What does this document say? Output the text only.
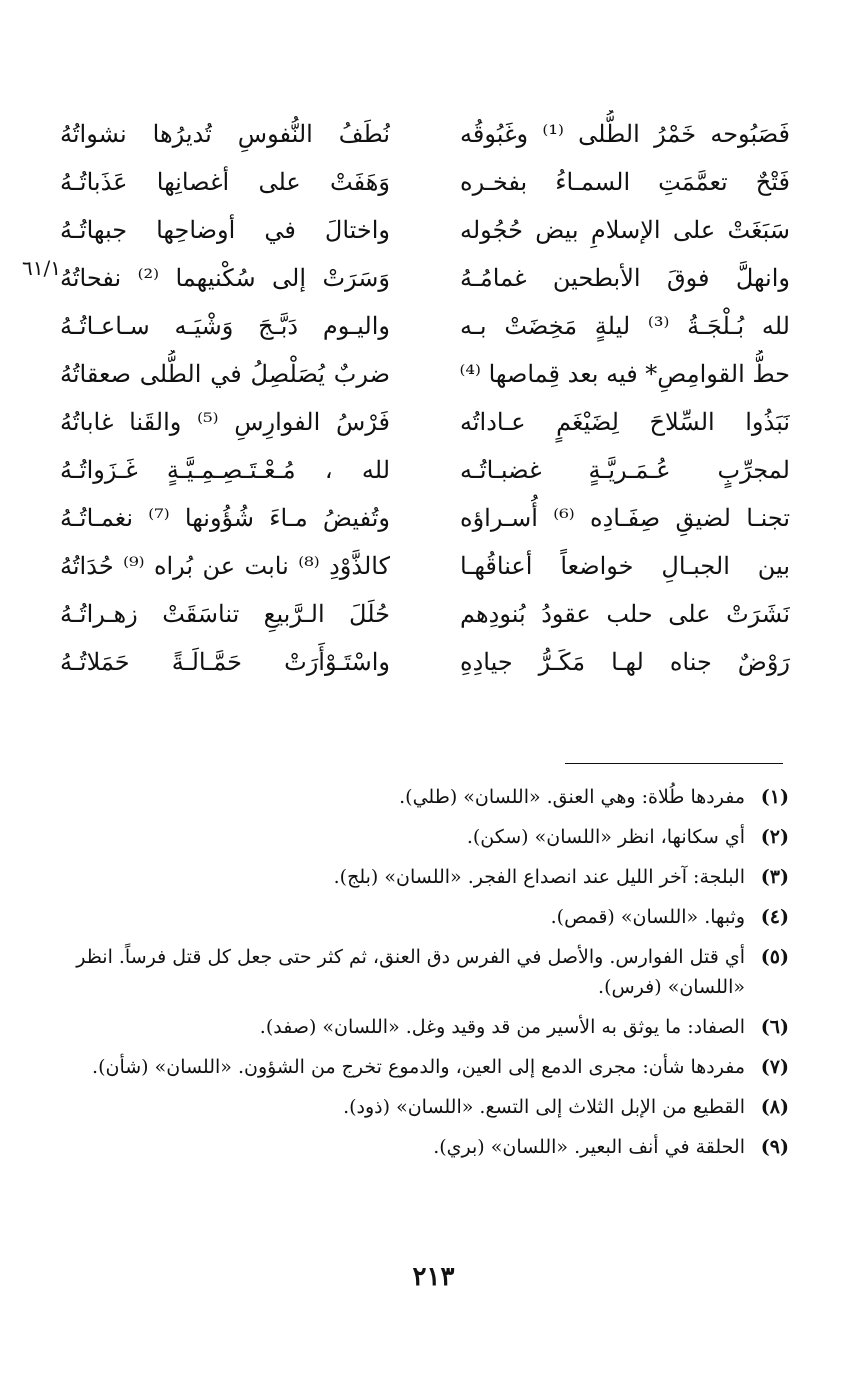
فَصَبُوحه خَمْرُ الطُّلى ⁽¹⁾ وغَبُوقُه
فَتْحٌ تعمَّمَتِ السمـاءُ بفخـره
سَبَغَتْ على الإسلامِ بيض حُجُوله
وانهلَّ فوقَ الأبطحين غمامُـهُ
لله بُـلْجَـةُ ⁽³⁾ ليلةٍ مَخِضَتْ بـه
حطُّ القوامِصِ* فيه بعد قِماصها ⁽⁴⁾
نَبَذُوا السِّلاحَ لِضَيْغَمٍ عـاداتُه
لمجرِّبٍ عُـمَـريَّـةٍ غضبـاتُـه
تجنـا لضيقِ صِفَـادِه ⁽⁶⁾ أُسـراؤه
بين الجبـالِ خواضعاً أعناقُهـا
نَشَرَتْ على حلب عقودُ بُنودِهم
رَوْضٌ جناه لهـا مَكَـرُّ جيادِهِ
نُطَفُ النُّفوسِ تُديرُها نشواتُهُ
وَهَفَتْ على أغصانِها عَذَباتُـهُ
واختالَ في أوضاحِها جبهاتُـهُ
وَسَرَتْ إلى سُكْنيهما ⁽²⁾ نفحاتُهُ
واليـوم دَبَّـجَ وَشْيَـه سـاعـاتُـهُ
ضربٌ يُصَلْصِلُ في الطُّلى صعقاتُهُ
فَرْسُ الفوارِسِ ⁽⁵⁾ والقَنا غاباتُهُ
لله ، مُـعْـتَـصِـمِـيَّـةٍ غَـزَواتُـهُ
وتُفيضُ مـاءَ شُؤُونها ⁽⁷⁾ نغمـاتُـهُ
كالذَّوْدِ ⁽⁸⁾ نابت عن بُراه ⁽⁹⁾ حُدَاتُهُ
حُلَلَ الـرَّبيعِ تناسَقَتْ زهـراتُـهُ
واسْتَـوْأَرَتْ حَمَّـالَـةً حَمَلاتُـهُ
٦١/١
(١)
مفردها طُلاة: وهي العنق. «اللسان» (طلي).
(٢)
أي سكانها، انظر «اللسان» (سكن).
(٣)
البلجة: آخر الليل عند انصداع الفجر. «اللسان» (بلج).
(٤)
وثبها. «اللسان» (قمص).
(٥)
أي قتل الفوارس. والأصل في الفرس دق العنق، ثم كثر حتى جعل كل قتل فرساً. انظر «اللسان» (فرس).
(٦)
الصفاد: ما يوثق به الأسير من قد وقيد وغل. «اللسان» (صفد).
(٧)
مفردها شأن: مجرى الدمع إلى العين، والدموع تخرج من الشؤون. «اللسان» (شأن).
(٨)
القطيع من الإبل الثلاث إلى التسع. «اللسان» (ذود).
(٩)
الحلقة في أنف البعير. «اللسان» (بري).
٢١٣
